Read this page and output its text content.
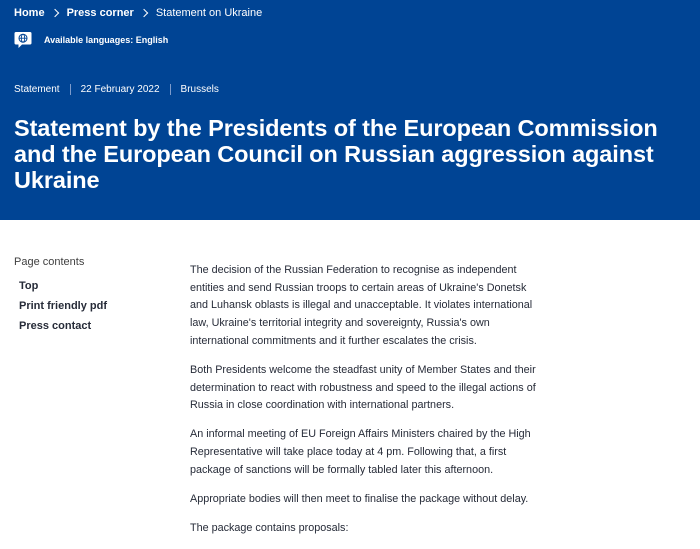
Home Press corner Statement on Ukraine
Available languages: English
Statement 22 February 2022 Brussels
Statement by the Presidents of the European Commission and the European Council on Russian aggression against Ukraine
Page contents
Top
Print friendly pdf
Press contact

The decision of the Russian Federation to recognise as independent entities and send Russian troops to certain areas of Ukraine's Donetsk and Luhansk oblasts is illegal and unacceptable. It violates international law, Ukraine's territorial integrity and sovereignty, Russia's own international commitments and it further escalates the crisis.

Both Presidents welcome the steadfast unity of Member States and their determination to react with robustness and speed to the illegal actions of Russia in close coordination with international partners.

An informal meeting of EU Foreign Affairs Ministers chaired by the High Representative will take place today at 4 pm. Following that, a first package of sanctions will be formally tabled later this afternoon.

Appropriate bodies will then meet to finalise the package without delay.

The package contains proposals:
